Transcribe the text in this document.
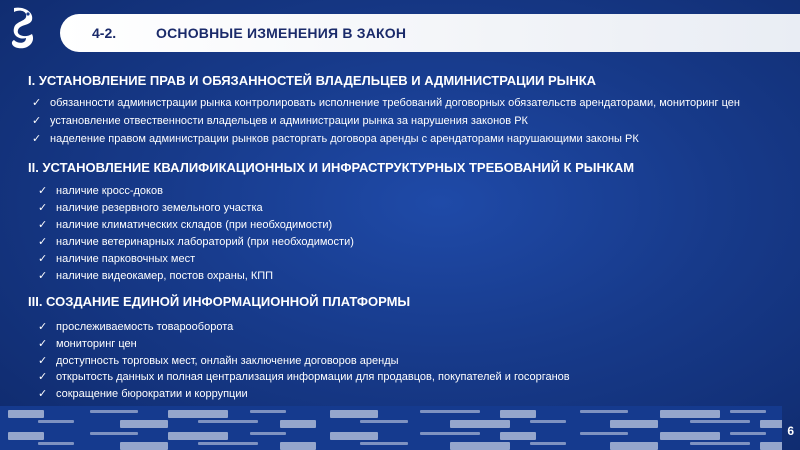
4-2.	ОСНОВНЫЕ ИЗМЕНЕНИЯ В ЗАКОН
I. УСТАНОВЛЕНИЕ ПРАВ И ОБЯЗАННОСТЕЙ ВЛАДЕЛЬЦЕВ И АДМИНИСТРАЦИИ РЫНКА
✓ обязанности администрации рынка контролировать исполнение требований договорных обязательств арендаторами, мониторинг цен
✓ установление отвественности владельцев и администрации рынка за нарушения законов РК
✓ наделение правом администрации рынков расторгать договора аренды с арендаторами нарушающими законы РК
II. УСТАНОВЛЕНИЕ КВАЛИФИКАЦИОННЫХ И ИНФРАСТРУКТУРНЫХ ТРЕБОВАНИЙ К РЫНКАМ
✓ наличие кросс-доков
✓ наличие резервного земельного участка
✓ наличие климатических складов (при необходимости)
✓ наличие ветеринарных лабораторий (при необходимости)
✓ наличие парковочных мест
✓ наличие видеокамер, постов охраны, КПП
III. СОЗДАНИЕ ЕДИНОЙ ИНФОРМАЦИОННОЙ ПЛАТФОРМЫ
✓ прослеживаемость товарооборота
✓ мониторинг цен
✓ доступность торговых мест, онлайн заключение договоров аренды
✓ открытость данных и полная централизация информации для продавцов, покупателей и госорганов
✓ сокращение бюрократии и коррупции
6
